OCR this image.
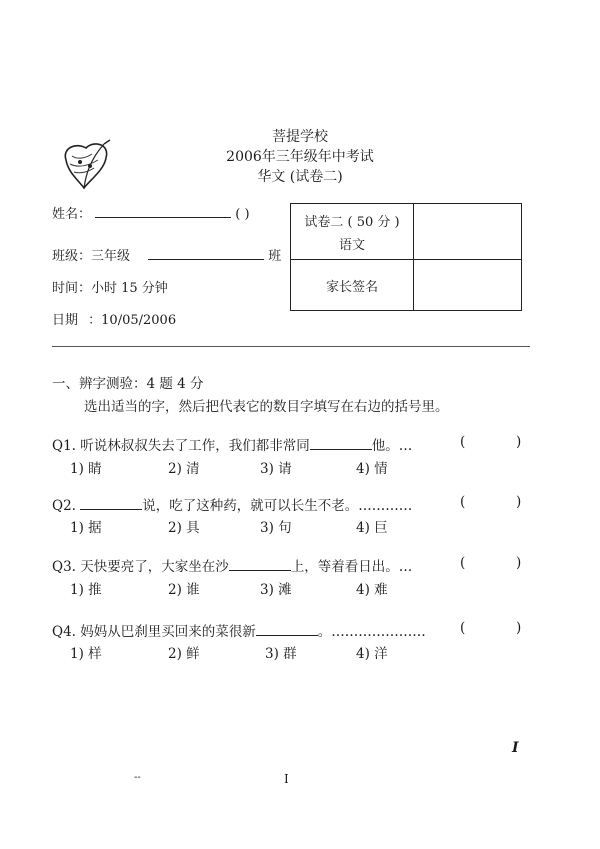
菩提学校
2006年三年级年中考试
华文 (试卷二)
姓名：	( )
班级：三年级	班
时间：小时 15 分钟
日期 ：10/05/2006
试卷二 ( 50 分 )
语文	

家长签名	
一、辨字测验：4 题 4 分
选出适当的字，然后把代表它的数目字填写在右边的括号里。
Q1. 听说林叔叔失去了工作，我们都非常同	他。…	(	)
1) 睛	2) 清	3) 请	4) 情
Q2.	说，吃了这种药，就可以长生不老。…………	(	)
1) 据	2) 具	3) 句	4) 巨
Q3. 天快要亮了，大家坐在沙	上，等着看日出。…	(	)
1) 推	2) 谁	3) 滩	4) 难
Q4. 妈妈从巴刹里买回来的菜很新	。…………………	(	)
1) 样	2) 鲜	3) 群	4) 洋
I
--	I
